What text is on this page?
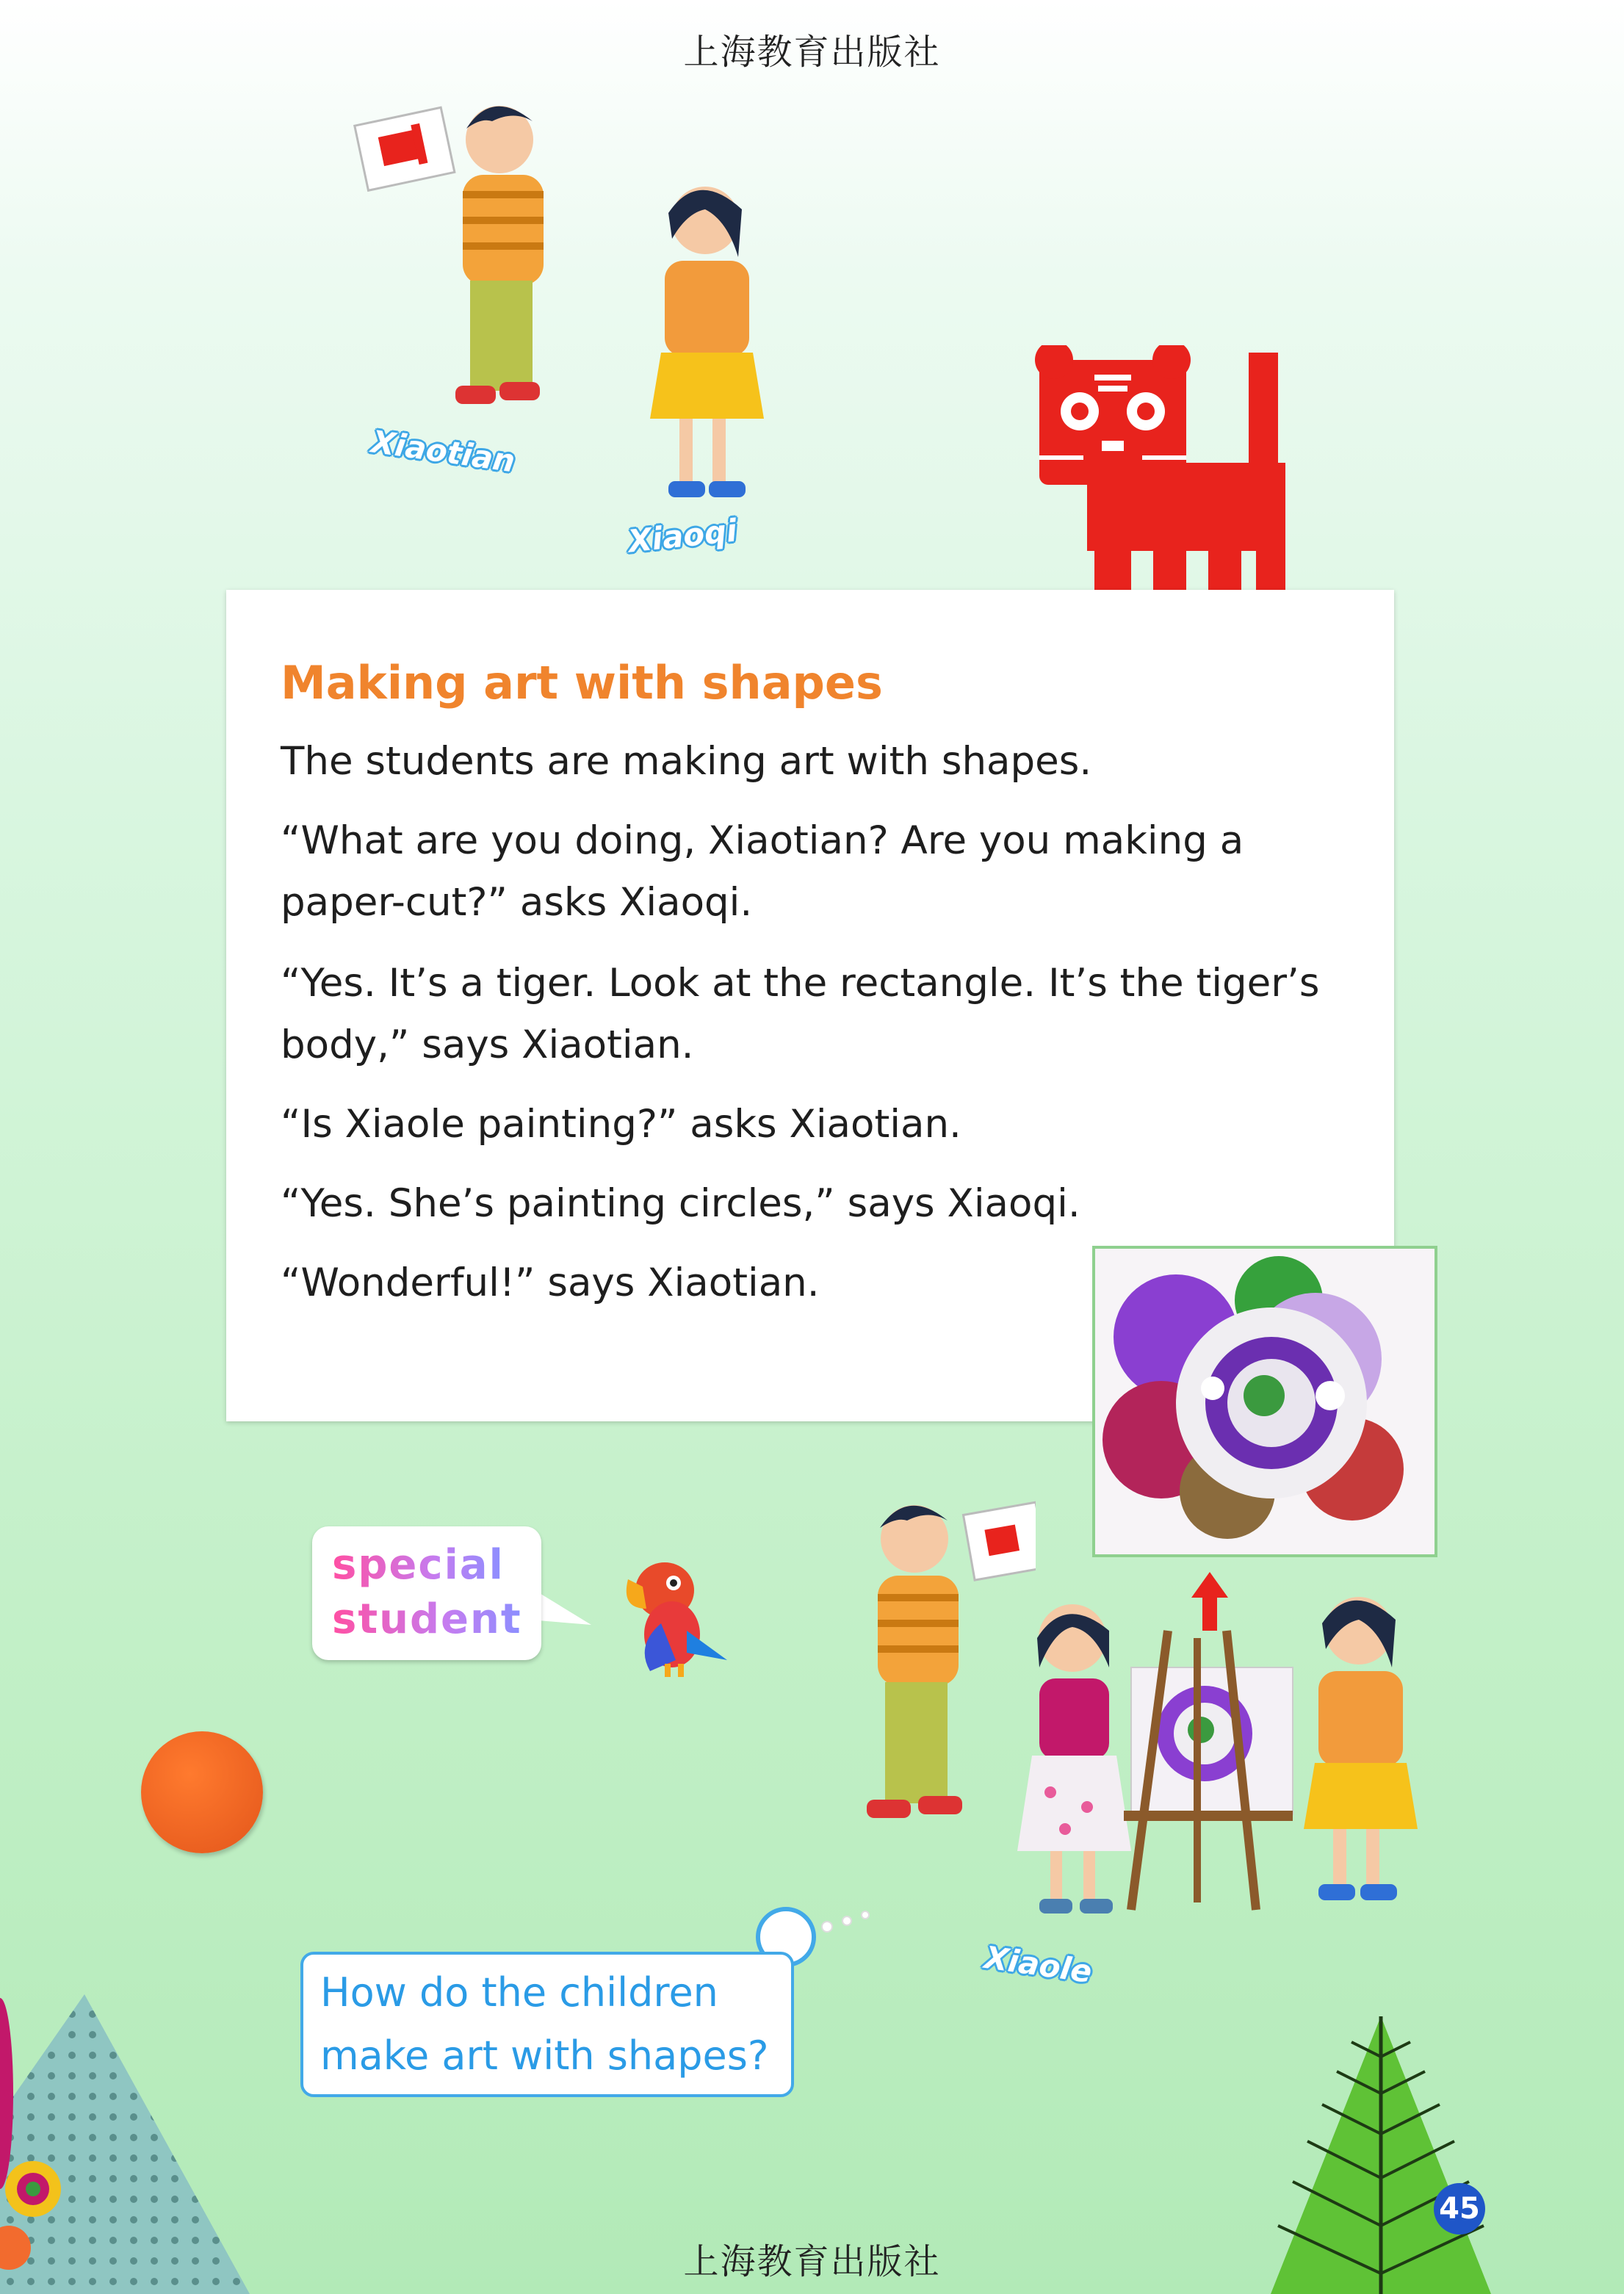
上海教育出版社
Xiaotian
Xiaoqi
Making art with shapes
The students are making art with shapes.
“What are you doing, Xiaotian? Are you making a paper-cut?” asks Xiaoqi.
“Yes. It’s a tiger. Look at the rectangle. It’s the tiger’s body,” says Xiaotian.
“Is Xiaole painting?” asks Xiaotian.
“Yes. She’s painting circles,” says Xiaoqi.
“Wonderful!” says Xiaotian.
special
student
Xiaole
How do the children
make art with shapes?
45
上海教育出版社
